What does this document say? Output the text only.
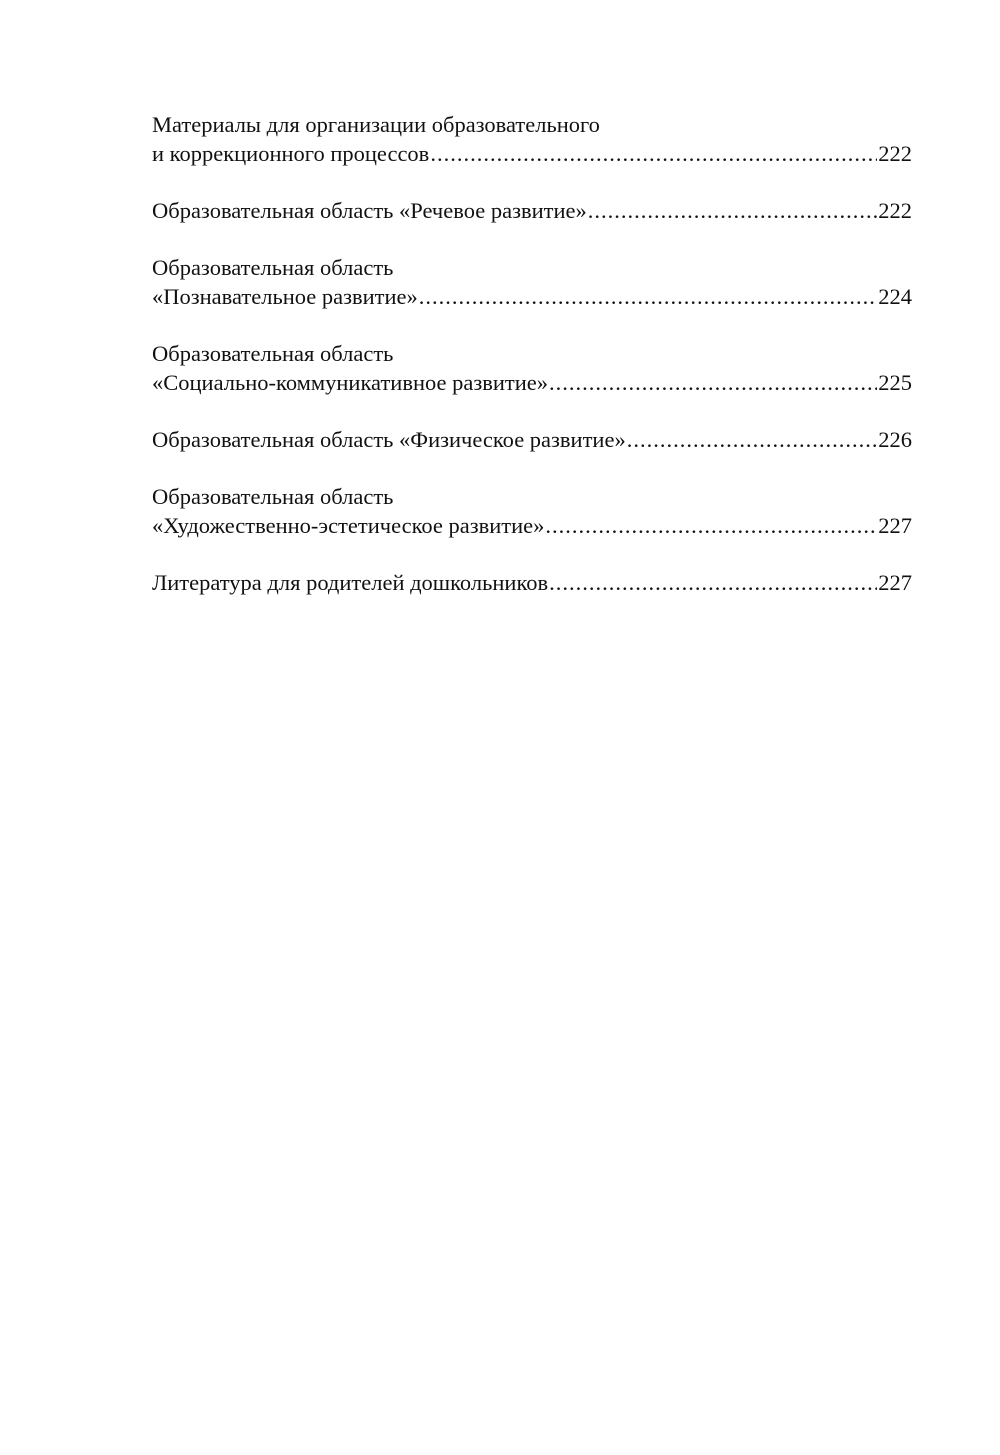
Материалы для организации образовательного
и коррекционного процессов .....	222
Образовательная область «Речевое развитие» .....	222
Образовательная область
«Познавательное развитие» .....	224
Образовательная область
«Социально-коммуникативное развитие» .....	225
Образовательная область «Физическое развитие» .....	226
Образовательная область
«Художественно-эстетическое развитие» .....	227
Литература для родителей дошкольников .....	227
